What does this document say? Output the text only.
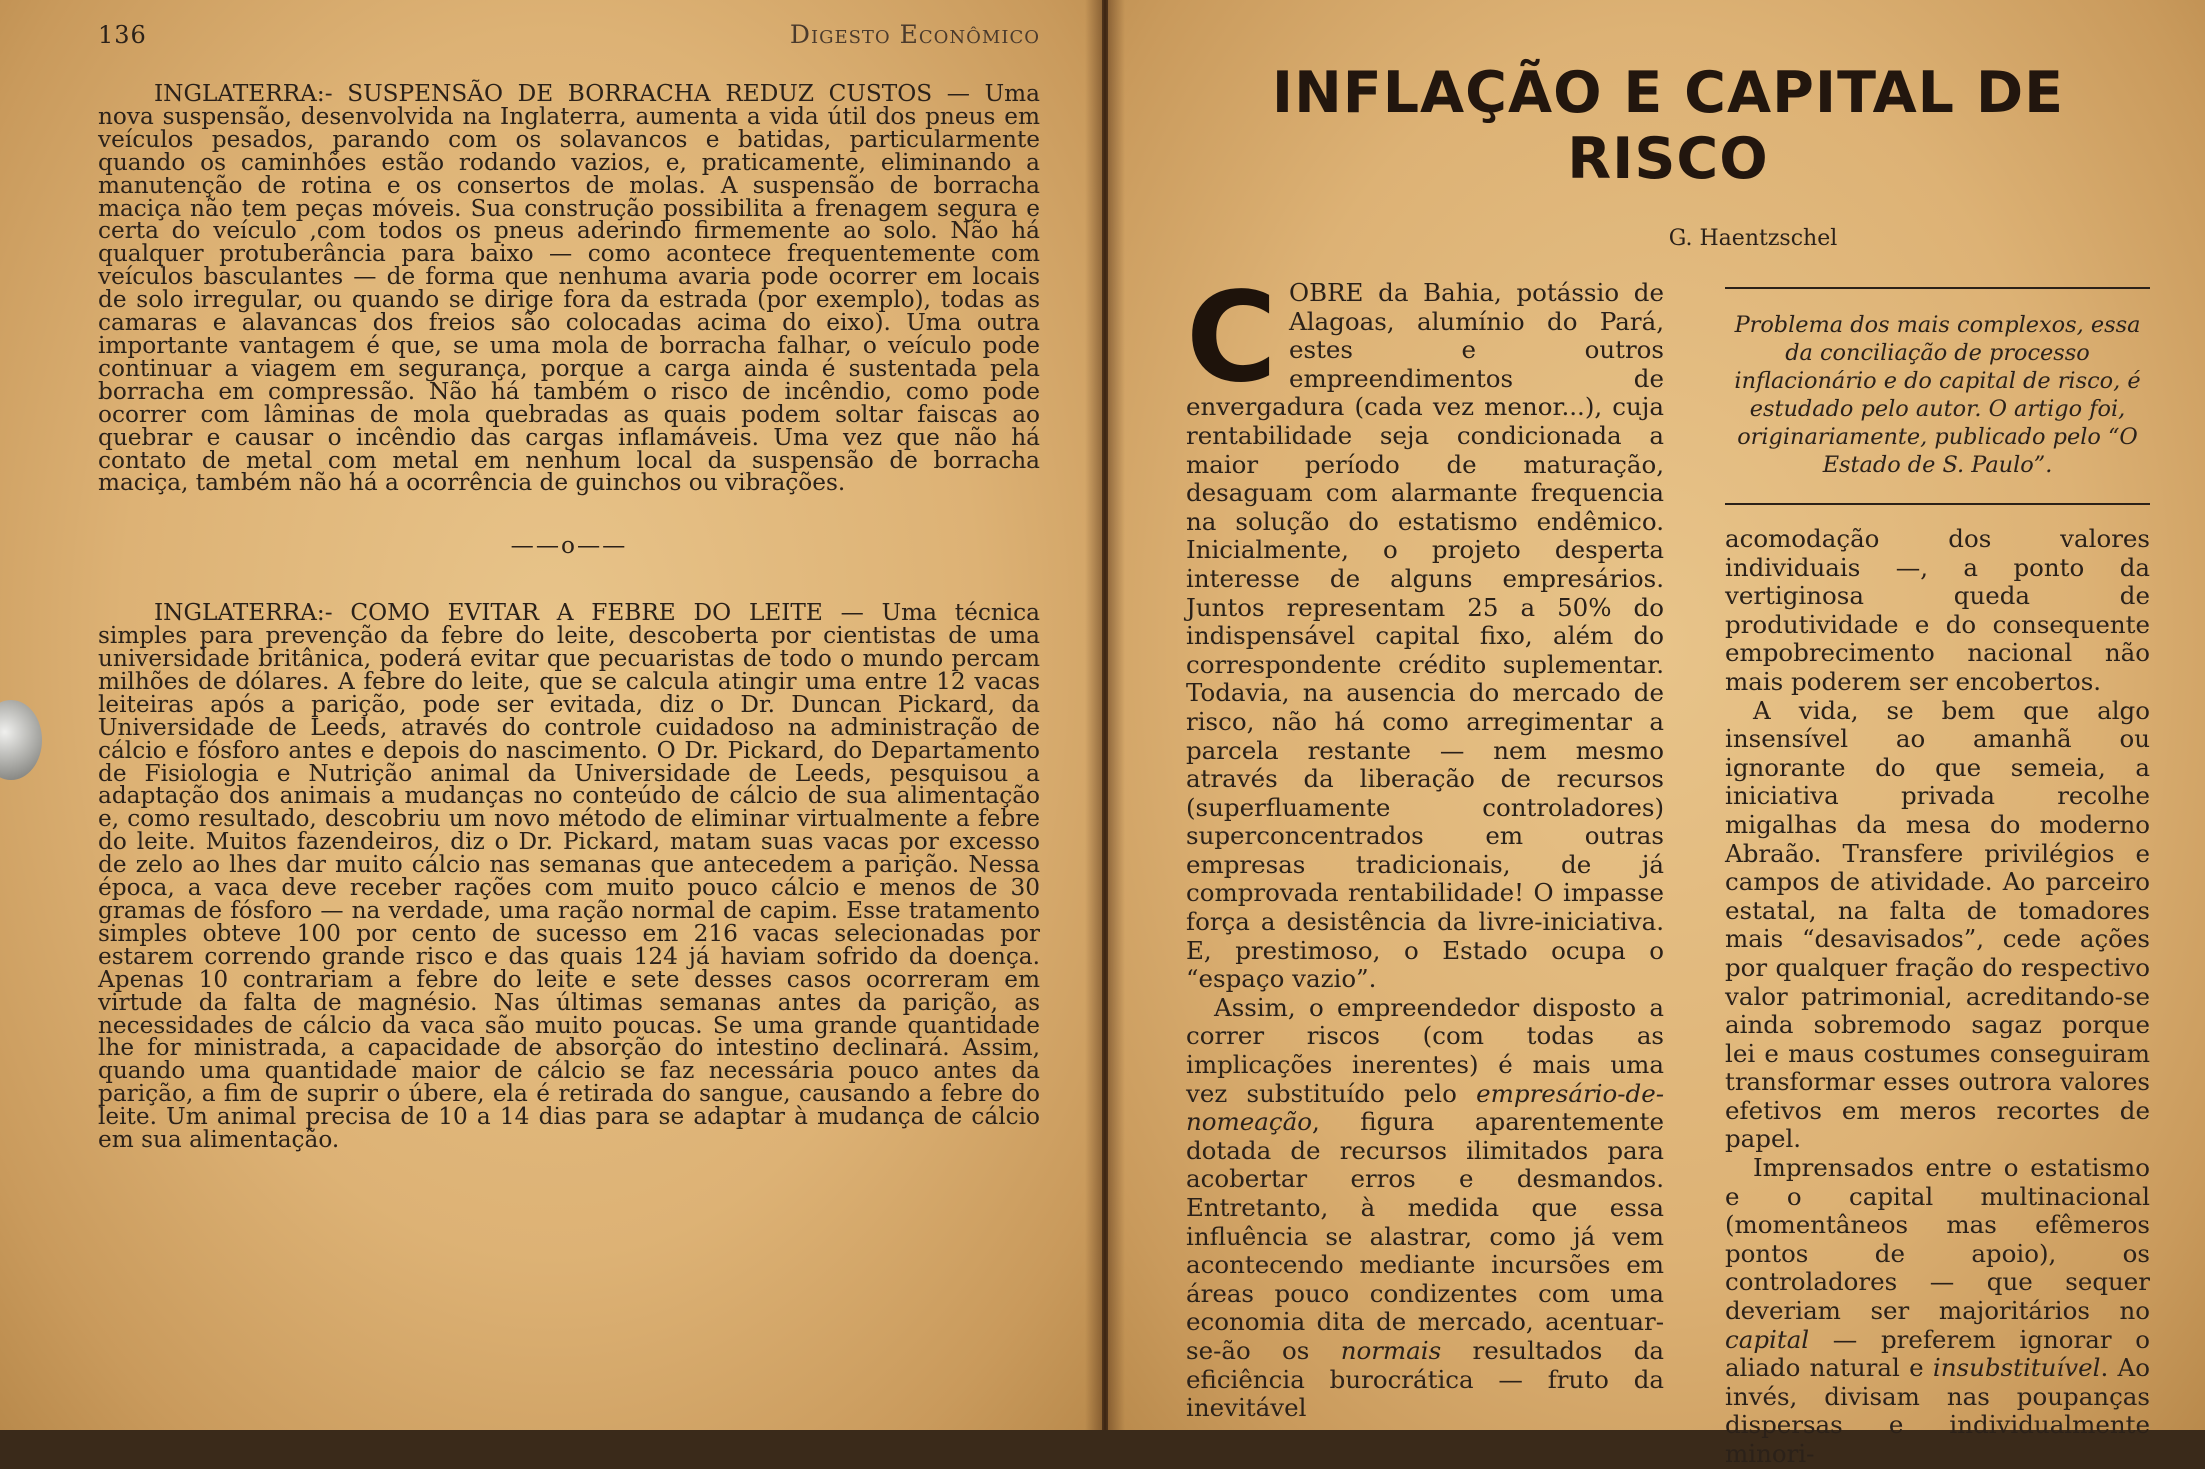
136	Digesto Econômico

INGLATERRA:- SUSPENSÃO DE BORRACHA REDUZ CUSTOS — Uma nova suspensão, desenvolvida na Inglaterra, aumenta a vida útil dos pneus em veículos pesados, parando com os solavancos e batidas, particularmente quando os caminhões estão rodando vazios, e, praticamente, eliminando a manutenção de rotina e os consertos de molas. A suspensão de borracha maciça não tem peças móveis. Sua construção possibilita a frenagem segura e certa do veículo ,com todos os pneus aderindo firmemente ao solo. Não há qualquer protuberância para baixo — como acontece frequentemente com veículos basculantes — de forma que nenhuma avaria pode ocorrer em locais de solo irregular, ou quando se dirige fora da estrada (por exemplo), todas as camaras e alavancas dos freios são colocadas acima do eixo). Uma outra importante vantagem é que, se uma mola de borracha falhar, o veículo pode continuar a viagem em segurança, porque a carga ainda é sustentada pela borracha em compressão. Não há também o risco de incêndio, como pode ocorrer com lâminas de mola quebradas as quais podem soltar faiscas ao quebrar e causar o incêndio das cargas inflamáveis. Uma vez que não há contato de metal com metal em nenhum local da suspensão de borracha maciça, também não há a ocorrência de guinchos ou vibrações.

——o——

INGLATERRA:- COMO EVITAR A FEBRE DO LEITE — Uma técnica simples para prevenção da febre do leite, descoberta por cientistas de uma universidade britânica, poderá evitar que pecuaristas de todo o mundo percam milhões de dólares. A febre do leite, que se calcula atingir uma entre 12 vacas leiteiras após a parição, pode ser evitada, diz o Dr. Duncan Pickard, da Universidade de Leeds, através do controle cuidadoso na administração de cálcio e fósforo antes e depois do nascimento. O Dr. Pickard, do Departamento de Fisiologia e Nutrição animal da Universidade de Leeds, pesquisou a adaptação dos animais a mudanças no conteúdo de cálcio de sua alimentação e, como resultado, descobriu um novo método de eliminar virtualmente a febre do leite. Muitos fazendeiros, diz o Dr. Pickard, matam suas vacas por excesso de zelo ao lhes dar muito cálcio nas semanas que antecedem a parição. Nessa época, a vaca deve receber rações com muito pouco cálcio e menos de 30 gramas de fósforo — na verdade, uma ração normal de capim. Esse tratamento simples obteve 100 por cento de sucesso em 216 vacas selecionadas por estarem correndo grande risco e das quais 124 já haviam sofrido da doença. Apenas 10 contrariam a febre do leite e sete desses casos ocorreram em virtude da falta de magnésio. Nas últimas semanas antes da parição, as necessidades de cálcio da vaca são muito poucas. Se uma grande quantidade lhe for ministrada, a capacidade de absorção do intestino declinará. Assim, quando uma quantidade maior de cálcio se faz necessária pouco antes da parição, a fim de suprir o úbere, ela é retirada do sangue, causando a febre do leite. Um animal precisa de 10 a 14 dias para se adaptar à mudança de cálcio em sua alimentação.

INFLAÇÃO E CAPITAL DE RISCO
G. Haentzschel

COBRE da Bahia, potássio de Alagoas, alumínio do Pará, estes e outros empreendimentos de envergadura (cada vez menor...), cuja rentabilidade seja condicionada a maior período de maturação, desaguam com alarmante frequencia na solução do estatismo endêmico. Inicialmente, o projeto desperta interesse de alguns empresários. Juntos representam 25 a 50% do indispensável capital fixo, além do correspondente crédito suplementar. Todavia, na ausencia do mercado de risco, não há como arregimentar a parcela restante — nem mesmo através da liberação de recursos (superfluamente controladores) superconcentrados em outras empresas tradicionais, de já comprovada rentabilidade! O impasse força a desistência da livre-iniciativa. E, prestimoso, o Estado ocupa o “espaço vazio”.

Assim, o empreendedor disposto a correr riscos (com todas as implicações inerentes) é mais uma vez substituído pelo empresário-de-nomeação, figura aparentemente dotada de recursos ilimitados para acobertar erros e desmandos. Entretanto, à medida que essa influência se alastrar, como já vem acontecendo mediante incursões em áreas pouco condizentes com uma economia dita de mercado, acentuar-se-ão os normais resultados da eficiência burocrática — fruto da inevitável

Problema dos mais complexos, essa da conciliação de processo inflacionário e do capital de risco, é estudado pelo autor. O artigo foi, originariamente, publicado pelo “O Estado de S. Paulo”.

acomodação dos valores individuais —, a ponto da vertiginosa queda de produtividade e do consequente empobrecimento nacional não mais poderem ser encobertos.

A vida, se bem que algo insensível ao amanhã ou ignorante do que semeia, a iniciativa privada recolhe migalhas da mesa do moderno Abraão. Transfere privilégios e campos de atividade. Ao parceiro estatal, na falta de tomadores mais “desavisados”, cede ações por qualquer fração do respectivo valor patrimonial, acreditando-se ainda sobremodo sagaz porque lei e maus costumes conseguiram transformar esses outrora valores efetivos em meros recortes de papel.

Imprensados entre o estatismo e o capital multinacional (momentâneos mas efêmeros pontos de apoio), os controladores — que sequer deveriam ser majoritários no capital — preferem ignorar o aliado natural e insubstituível. Ao invés, divisam nas poupanças dispersas e individualmente minori-
